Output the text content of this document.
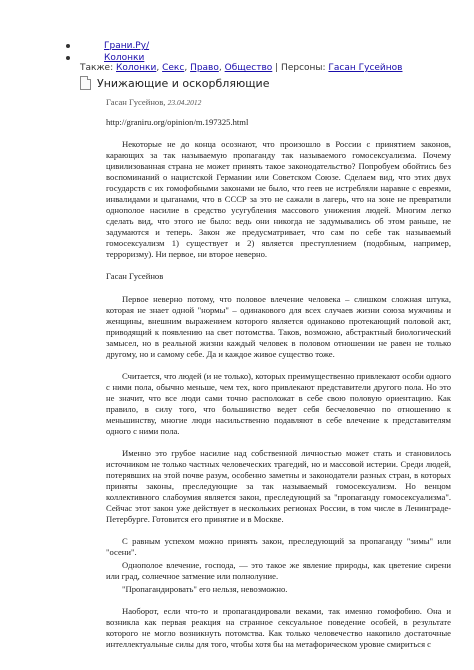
Грани.Ру/
Колонки
Также: Колонки, Секс, Право, Общество | Персоны: Гасан Гусейнов
Унижающие и оскорбляющие
Гасан Гусейнов, 23.04.2012
http://graniru.org/opinion/m.197325.html

Некоторые не до конца осознают, что произошло в России с принятием законов, карающих за так называемую пропаганду так называемого гомосексуализма. Почему цивилизованная страна не может принять такое законодательство? Попробуем обойтись без воспоминаний о нацистской Германии или Советском Союзе. Сделаем вид, что этих двух государств с их гомофобными законами не было, что геев не истребляли наравне с евреями, инвалидами и цыганами, что в СССР за это не сажали в лагерь, что на зоне не превратили однополое насилие в средство усугубления массового унижения людей. Многим легко сделать вид, что этого не было: ведь они никогда не задумывались об этом раньше, не задумаются и теперь. Закон же предусматривает, что сам по себе так называемый гомосексуализм 1) существует и 2) является преступлением (подобным, например, терроризму). Ни первое, ни второе неверно.

Гасан Гусейнов

Первое неверно потому, что половое влечение человека – слишком сложная штука, которая не знает одной "нормы" – одинакового для всех случаев жизни союза мужчины и женщины, внешним выражением которого является одинаково протекающий половой акт, приводящий к появлению на свет потомства. Таков, возможно, абстрактный биологический замысел, но в реальной жизни каждый человек в половом отношении не равен не только другому, но и самому себе. Да и каждое живое существо тоже.

Считается, что людей (и не только), которых преимущественно привлекают особи одного с ними пола, обычно меньше, чем тех, кого привлекают представители другого пола. Но это не значит, что все люди сами точно расположат в себе свою половую ориентацию. Как правило, в силу того, что большинство ведет себя бесчеловечно по отношению к меньшинству, многие люди насильственно подавляют в себе влечение к представителям одного с ними пола.

Именно это грубое насилие над собственной личностью может стать и становилось источником не только частных человеческих трагедий, но и массовой истерии. Среди людей, потерявших на этой почве разум, особенно заметны и законодатели разных стран, в которых приняты законы, преследующие за так называемый гомосексуализм. Но венцом коллективного слабоумия является закон, преследующий за "пропаганду гомосексуализма". Сейчас этот закон уже действует в нескольких регионах России, в том числе в Ленинграде-Петербурге. Готовится его принятие и в Москве.

С равным успехом можно принять закон, преследующий за пропаганду "зимы" или "осени".

Однополое влечение, господа, — это такое же явление природы, как цветение сирени или град, солнечное затмение или полнолуние.

"Пропагандировать" его нельзя, невозможно.

Наоборот, если что-то и пропагандировали веками, так именно гомофобию. Она и возникла как первая реакция на странное сексуальное поведение особей, в результате которого не могло возникнуть потомства. Как только человечество накопило достаточные интеллектуальные силы для того, чтобы хотя бы на метафорическом уровне смириться с
